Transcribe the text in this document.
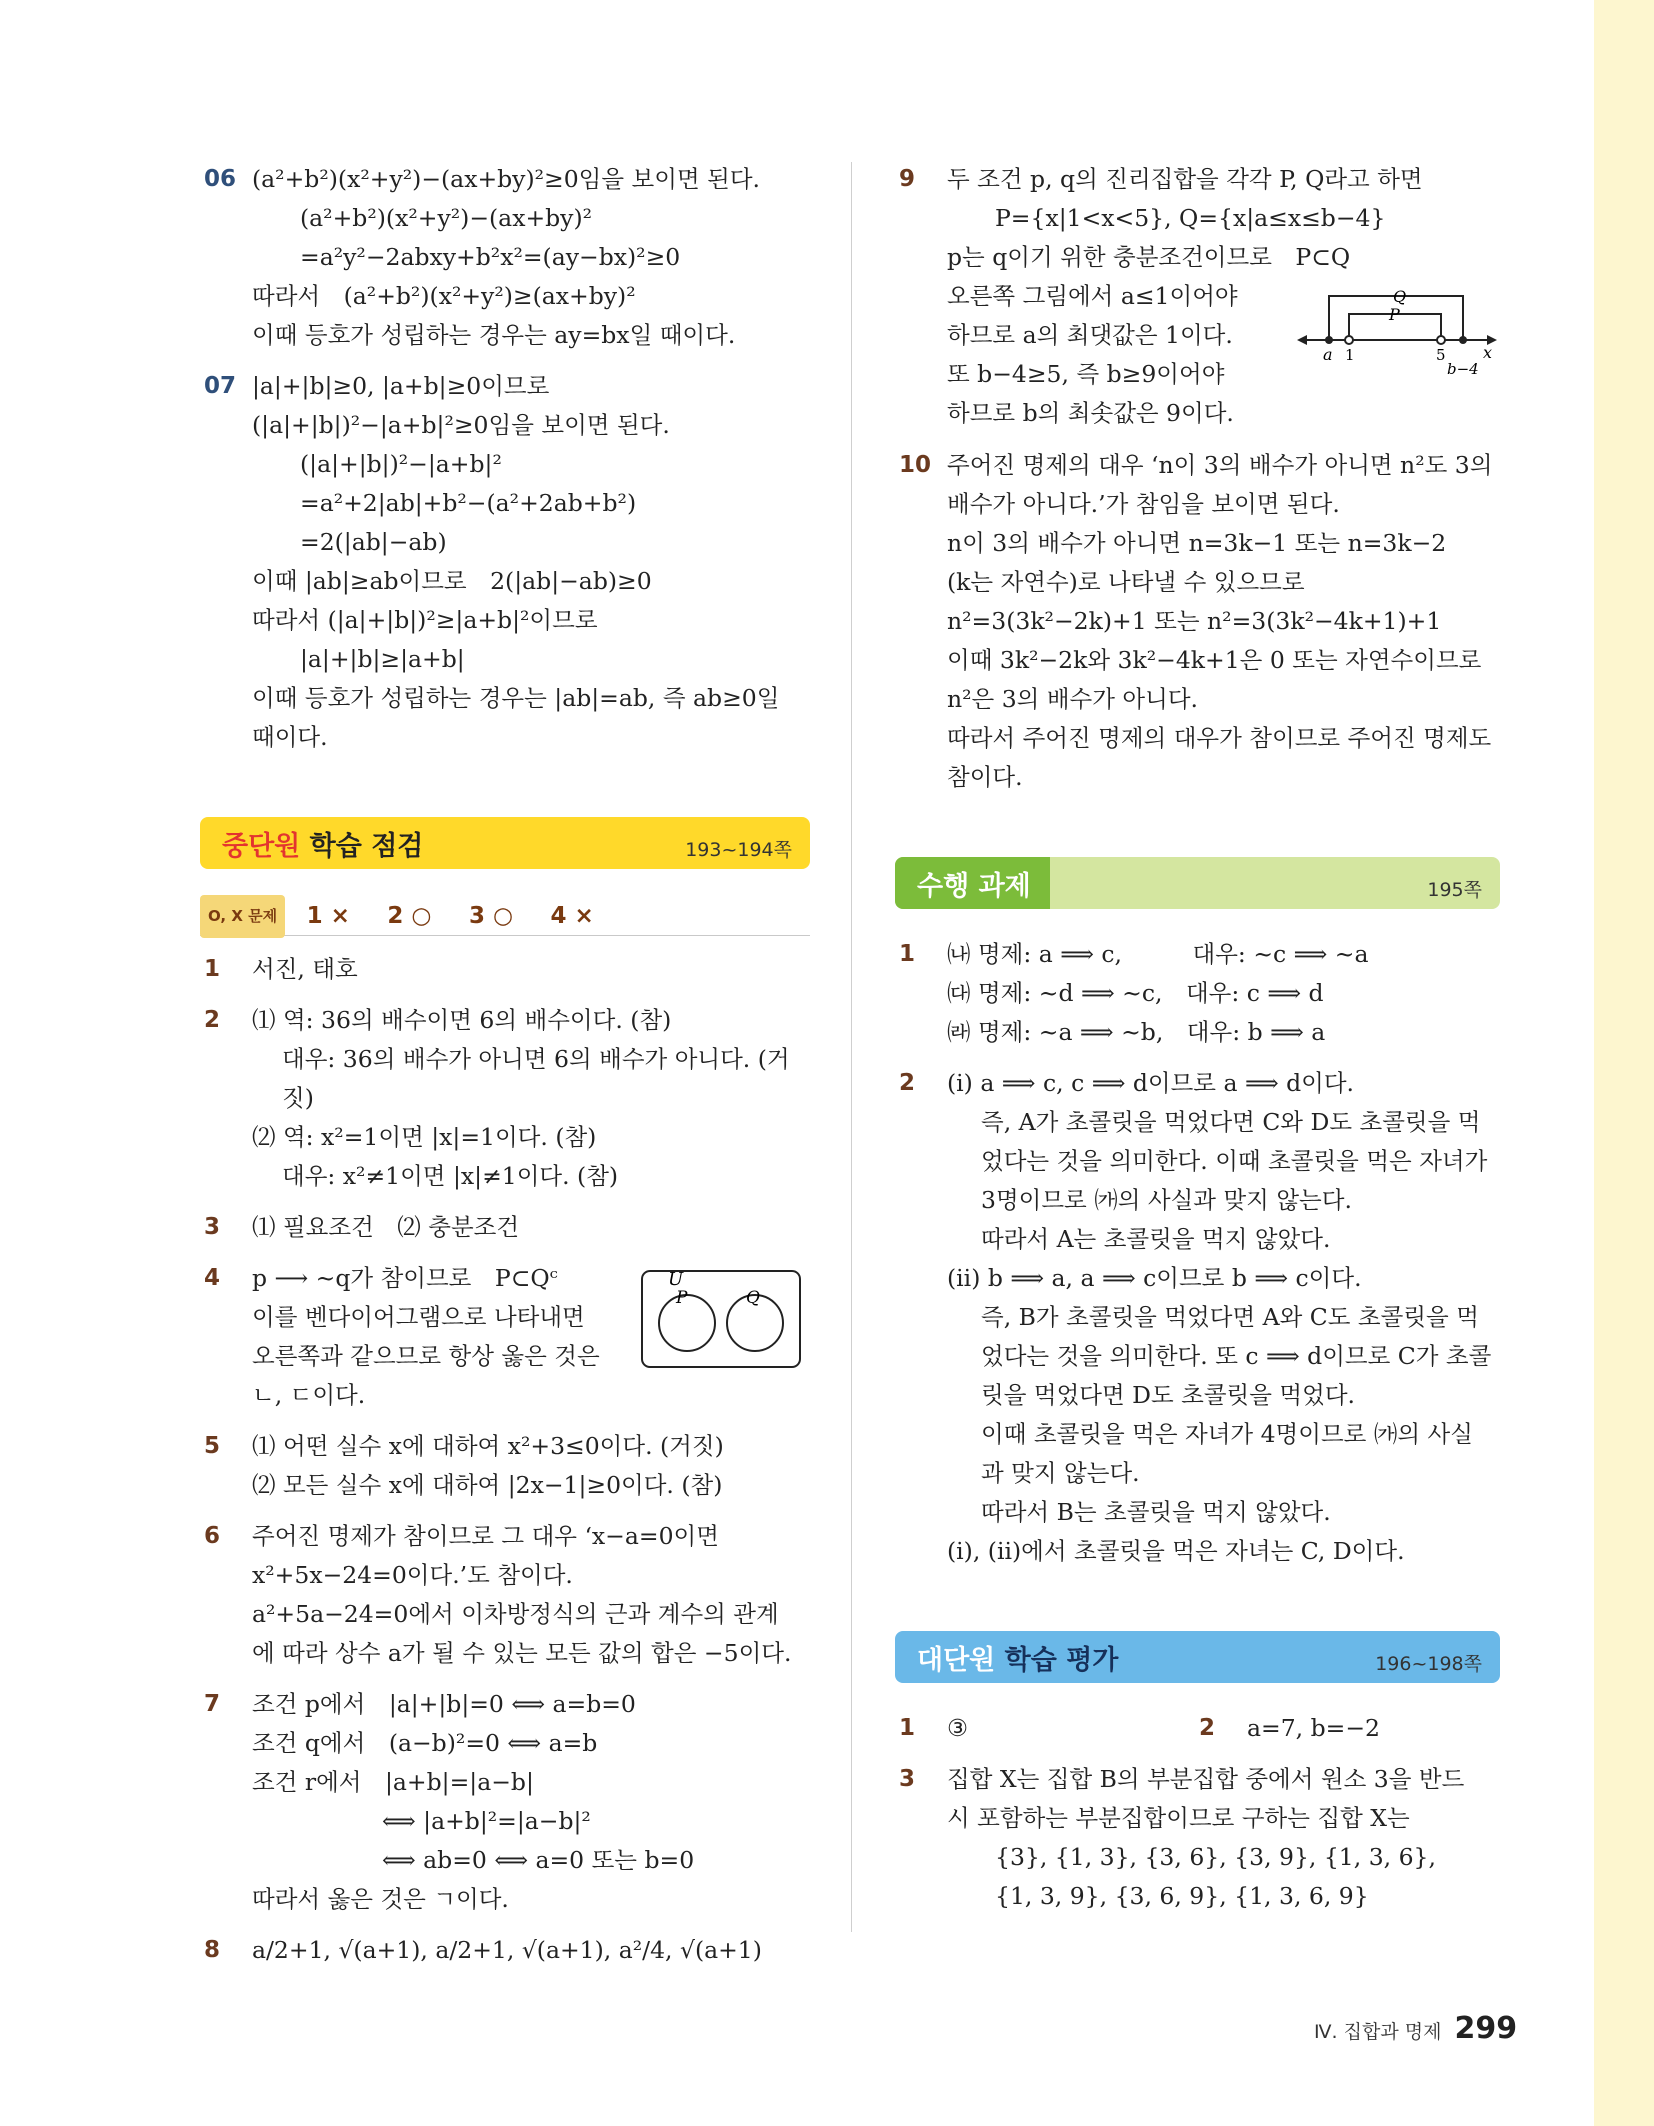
06 (a²+b²)(x²+y²)−(ax+by)²≥0임을 보이면 된다.
(a²+b²)(x²+y²)−(ax+by)²
=a²y²−2abxy+b²x²=(ay−bx)²≥0
따라서　(a²+b²)(x²+y²)≥(ax+by)²
이때 등호가 성립하는 경우는 ay=bx일 때이다.
07 |a|+|b|≥0, |a+b|≥0이므로
(|a|+|b|)²−|a+b|²≥0임을 보이면 된다.
(|a|+|b|)²−|a+b|²
=a²+2|ab|+b²−(a²+2ab+b²)
=2(|ab|−ab)
이때 |ab|≥ab이므로　2(|ab|−ab)≥0
따라서 (|a|+|b|)²≥|a+b|²이므로
|a|+|b|≥|a+b|
이때 등호가 성립하는 경우는 |ab|=ab, 즉 ab≥0일
때이다.
중단원 학습 점검	193~194쪽
O, X 문제 1 × 2 ○ 3 ○ 4 ×
1 서진, 태호
2 ⑴ 역: 36의 배수이면 6의 배수이다. (참)
대우: 36의 배수가 아니면 6의 배수가 아니다. (거짓)
⑵ 역: x²=1이면 |x|=1이다. (참)
대우: x²≠1이면 |x|≠1이다. (참)
3 ⑴ 필요조건　⑵ 충분조건
4 p ⟶ ~q가 참이므로　P⊂Qᶜ
이를 벤다이어그램으로 나타내면
오른쪽과 같으므로 항상 옳은 것은
ㄴ, ㄷ이다.
U
P	Q
5 ⑴ 어떤 실수 x에 대하여 x²+3≤0이다. (거짓)
⑵ 모든 실수 x에 대하여 |2x−1|≥0이다. (참)
6 주어진 명제가 참이므로 그 대우 ‘x−a=0이면
x²+5x−24=0이다.’도 참이다.
a²+5a−24=0에서 이차방정식의 근과 계수의 관계
에 따라 상수 a가 될 수 있는 모든 값의 합은 −5이다.
7 조건 p에서　|a|+|b|=0 ⟺ a=b=0
조건 q에서　(a−b)²=0 ⟺ a=b
조건 r에서　|a+b|=|a−b|
⟺ |a+b|²=|a−b|²
⟺ ab=0 ⟺ a=0 또는 b=0
따라서 옳은 것은 ㄱ이다.
8 a/2+1, √(a+1), a/2+1, √(a+1), a²/4, √(a+1)
9 두 조건 p, q의 진리집합을 각각 P, Q라고 하면
P={x|1<x<5}, Q={x|a≤x≤b−4}
p는 q이기 위한 충분조건이므로　P⊂Q
오른쪽 그림에서 a≤1이어야
하므로 a의 최댓값은 1이다.
또 b−4≥5, 즉 b≥9이어야
하므로 b의 최솟값은 9이다.
Q
P
a 1	5 x
b−4
10 주어진 명제의 대우 ‘n이 3의 배수가 아니면 n²도 3의
배수가 아니다.’가 참임을 보이면 된다.
n이 3의 배수가 아니면 n=3k−1 또는 n=3k−2
(k는 자연수)로 나타낼 수 있으므로
n²=3(3k²−2k)+1 또는 n²=3(3k²−4k+1)+1
이때 3k²−2k와 3k²−4k+1은 0 또는 자연수이므로
n²은 3의 배수가 아니다.
따라서 주어진 명제의 대우가 참이므로 주어진 명제도
참이다.
수행 과제	195쪽
1 ㈏ 명제: a ⟹ c,　　　대우: ~c ⟹ ~a
㈐ 명제: ~d ⟹ ~c,　대우: c ⟹ d
㈑ 명제: ~a ⟹ ~b,　대우: b ⟹ a
2 (ⅰ) a ⟹ c, c ⟹ d이므로 a ⟹ d이다.
즉, A가 초콜릿을 먹었다면 C와 D도 초콜릿을 먹
었다는 것을 의미한다. 이때 초콜릿을 먹은 자녀가
3명이므로 ㈎의 사실과 맞지 않는다.
따라서 A는 초콜릿을 먹지 않았다.
(ⅱ) b ⟹ a, a ⟹ c이므로 b ⟹ c이다.
즉, B가 초콜릿을 먹었다면 A와 C도 초콜릿을 먹
었다는 것을 의미한다. 또 c ⟹ d이므로 C가 초콜
릿을 먹었다면 D도 초콜릿을 먹었다.
이때 초콜릿을 먹은 자녀가 4명이므로 ㈎의 사실
과 맞지 않는다.
따라서 B는 초콜릿을 먹지 않았다.
(ⅰ), (ⅱ)에서 초콜릿을 먹은 자녀는 C, D이다.
대단원 학습 평가	196~198쪽
1 ③	2 a=7, b=−2
3 집합 X는 집합 B의 부분집합 중에서 원소 3을 반드
시 포함하는 부분집합이므로 구하는 집합 X는
{3}, {1, 3}, {3, 6}, {3, 9}, {1, 3, 6},
{1, 3, 9}, {3, 6, 9}, {1, 3, 6, 9}
Ⅳ. 집합과 명제 299
